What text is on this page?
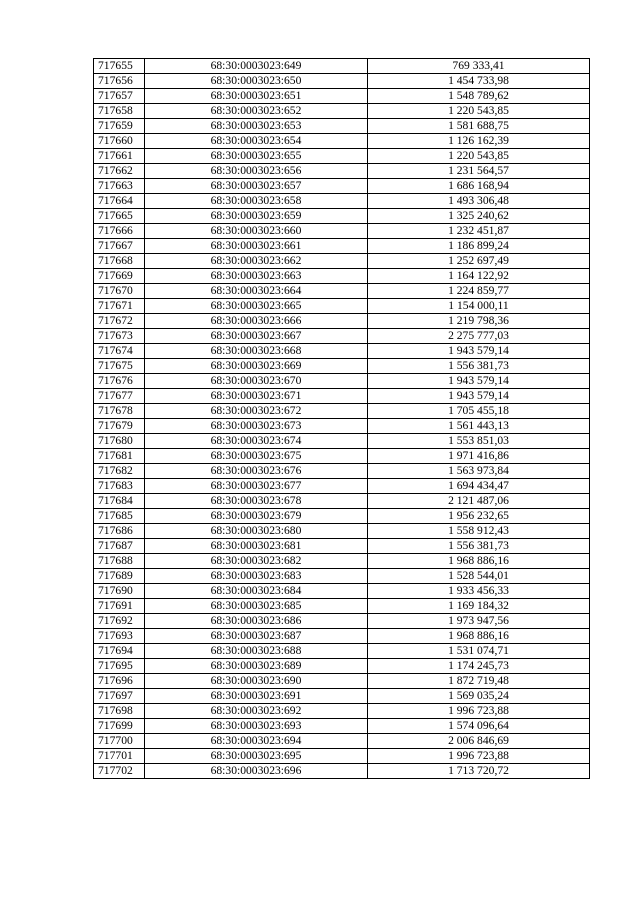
717655	68:30:0003023:649	769 333,41
717656	68:30:0003023:650	1 454 733,98
717657	68:30:0003023:651	1 548 789,62
717658	68:30:0003023:652	1 220 543,85
717659	68:30:0003023:653	1 581 688,75
717660	68:30:0003023:654	1 126 162,39
717661	68:30:0003023:655	1 220 543,85
717662	68:30:0003023:656	1 231 564,57
717663	68:30:0003023:657	1 686 168,94
717664	68:30:0003023:658	1 493 306,48
717665	68:30:0003023:659	1 325 240,62
717666	68:30:0003023:660	1 232 451,87
717667	68:30:0003023:661	1 186 899,24
717668	68:30:0003023:662	1 252 697,49
717669	68:30:0003023:663	1 164 122,92
717670	68:30:0003023:664	1 224 859,77
717671	68:30:0003023:665	1 154 000,11
717672	68:30:0003023:666	1 219 798,36
717673	68:30:0003023:667	2 275 777,03
717674	68:30:0003023:668	1 943 579,14
717675	68:30:0003023:669	1 556 381,73
717676	68:30:0003023:670	1 943 579,14
717677	68:30:0003023:671	1 943 579,14
717678	68:30:0003023:672	1 705 455,18
717679	68:30:0003023:673	1 561 443,13
717680	68:30:0003023:674	1 553 851,03
717681	68:30:0003023:675	1 971 416,86
717682	68:30:0003023:676	1 563 973,84
717683	68:30:0003023:677	1 694 434,47
717684	68:30:0003023:678	2 121 487,06
717685	68:30:0003023:679	1 956 232,65
717686	68:30:0003023:680	1 558 912,43
717687	68:30:0003023:681	1 556 381,73
717688	68:30:0003023:682	1 968 886,16
717689	68:30:0003023:683	1 528 544,01
717690	68:30:0003023:684	1 933 456,33
717691	68:30:0003023:685	1 169 184,32
717692	68:30:0003023:686	1 973 947,56
717693	68:30:0003023:687	1 968 886,16
717694	68:30:0003023:688	1 531 074,71
717695	68:30:0003023:689	1 174 245,73
717696	68:30:0003023:690	1 872 719,48
717697	68:30:0003023:691	1 569 035,24
717698	68:30:0003023:692	1 996 723,88
717699	68:30:0003023:693	1 574 096,64
717700	68:30:0003023:694	2 006 846,69
717701	68:30:0003023:695	1 996 723,88
717702	68:30:0003023:696	1 713 720,72
